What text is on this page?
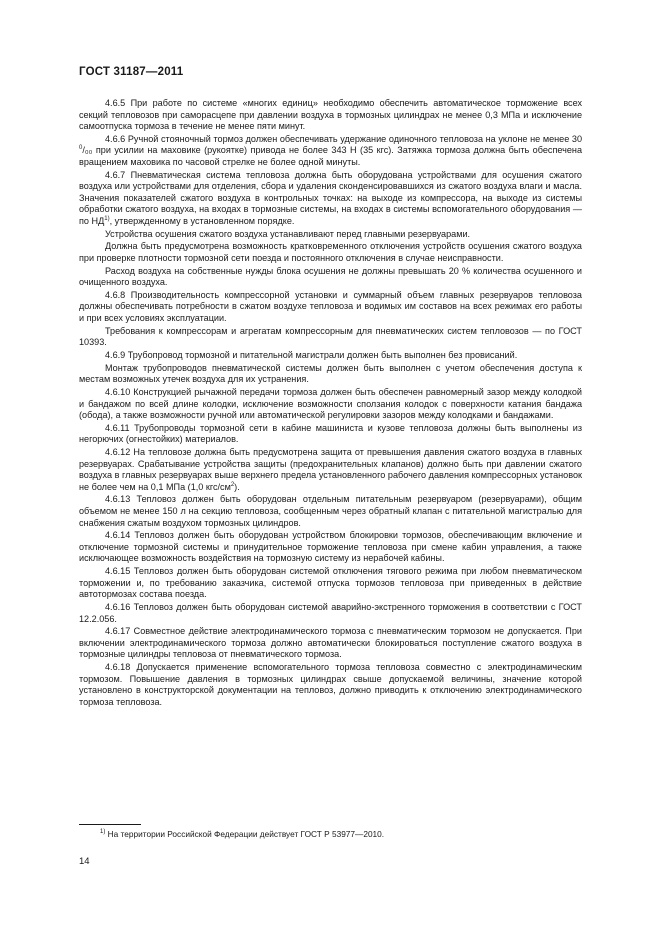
ГОСТ 31187—2011

4.6.5 При работе по системе «многих единиц» необходимо обеспечить автоматическое торможение всех секций тепловозов при саморасцепе при давлении воздуха в тормозных цилиндрах не менее 0,3 МПа и исключение самоотпуска тормоза в течение не менее пяти минут.

4.6.6 Ручной стояночный тормоз должен обеспечивать удержание одиночного тепловоза на уклоне не менее 30 $^0$/₀₀ при усилии на маховике (рукоятке) привода не более 343 Н (35 кгс). Затяжка тормоза должна быть обеспечена вращением маховика по часовой стрелке не более одной минуты.

4.6.7 Пневматическая система тепловоза должна быть оборудована устройствами для осушения сжатого воздуха или устройствами для отделения, сбора и удаления сконденсировавшихся из сжатого воздуха влаги и масла. Значения показателей сжатого воздуха в контрольных точках: на выходе из компрессора, на выходе из системы обработки сжатого воздуха, на входах в тормозные системы, на входах в системы вспомогательного оборудования — по НД$^{1)}$, утвержденному в установленном порядке.

Устройства осушения сжатого воздуха устанавливают перед главными резервуарами.

Должна быть предусмотрена возможность кратковременного отключения устройств осушения сжатого воздуха при проверке плотности тормозной сети поезда и постоянного отключения в случае неисправности.

Расход воздуха на собственные нужды блока осушения не должны превышать 20 % количества осушенного и очищенного воздуха.

4.6.8 Производительность компрессорной установки и суммарный объем главных резервуаров тепловоза должны обеспечивать потребности в сжатом воздухе тепловоза и водимых им составов на всех режимах его работы и при всех условиях эксплуатации.

Требования к компрессорам и агрегатам компрессорным для пневматических систем тепловозов — по ГОСТ 10393.

4.6.9 Трубопровод тормозной и питательной магистрали должен быть выполнен без провисаний.

Монтаж трубопроводов пневматической системы должен быть выполнен с учетом обеспечения доступа к местам возможных утечек воздуха для их устранения.

4.6.10 Конструкцией рычажной передачи тормоза должен быть обеспечен равномерный зазор между колодкой и бандажом по всей длине колодки, исключение возможности сползания колодок с поверхности катания бандажа (обода), а также возможности ручной или автоматической регулировки зазоров между колодками и бандажами.

4.6.11 Трубопроводы тормозной сети в кабине машиниста и кузове тепловоза должны быть выполнены из негорючих (огнестойких) материалов.

4.6.12 На тепловозе должна быть предусмотрена защита от превышения давления сжатого воздуха в главных резервуарах. Срабатывание устройства защиты (предохранительных клапанов) должно быть при давлении сжатого воздуха в главных резервуарах выше верхнего предела установленного рабочего давления компрессорных установок не более чем на 0,1 МПа (1,0 кгс/$см^2$).

4.6.13 Тепловоз должен быть оборудован отдельным питательным резервуаром (резервуарами), общим объемом не менее 150 л на секцию тепловоза, сообщенным через обратный клапан с питательной магистралью для снабжения сжатым воздухом тормозных цилиндров.

4.6.14 Тепловоз должен быть оборудован устройством блокировки тормозов, обеспечивающим включение и отключение тормозной системы и принудительное торможение тепловоза при смене кабин управления, а также исключающее возможность воздействия на тормозную систему из нерабочей кабины.

4.6.15 Тепловоз должен быть оборудован системой отключения тягового режима при любом пневматическом торможении и, по требованию заказчика, системой отпуска тормозов тепловоза при приведенных в действие автотормозах состава поезда.

4.6.16 Тепловоз должен быть оборудован системой аварийно-экстренного торможения в соответствии с ГОСТ 12.2.056.

4.6.17 Совместное действие электродинамического тормоза с пневматическим тормозом не допускается. При включении электродинамического тормоза должно автоматически блокироваться поступление сжатого воздуха в тормозные цилиндры тепловоза от пневматического тормоза.

4.6.18 Допускается применение вспомогательного тормоза тепловоза совместно с электродинамическим тормозом. Повышение давления в тормозных цилиндрах свыше допускаемой величины, значение которой установлено в конструкторской документации на тепловоз, должно приводить к отключению электродинамического тормоза тепловоза.

$^{1)}$ На территории Российской Федерации действует ГОСТ Р 53977—2010.
14
